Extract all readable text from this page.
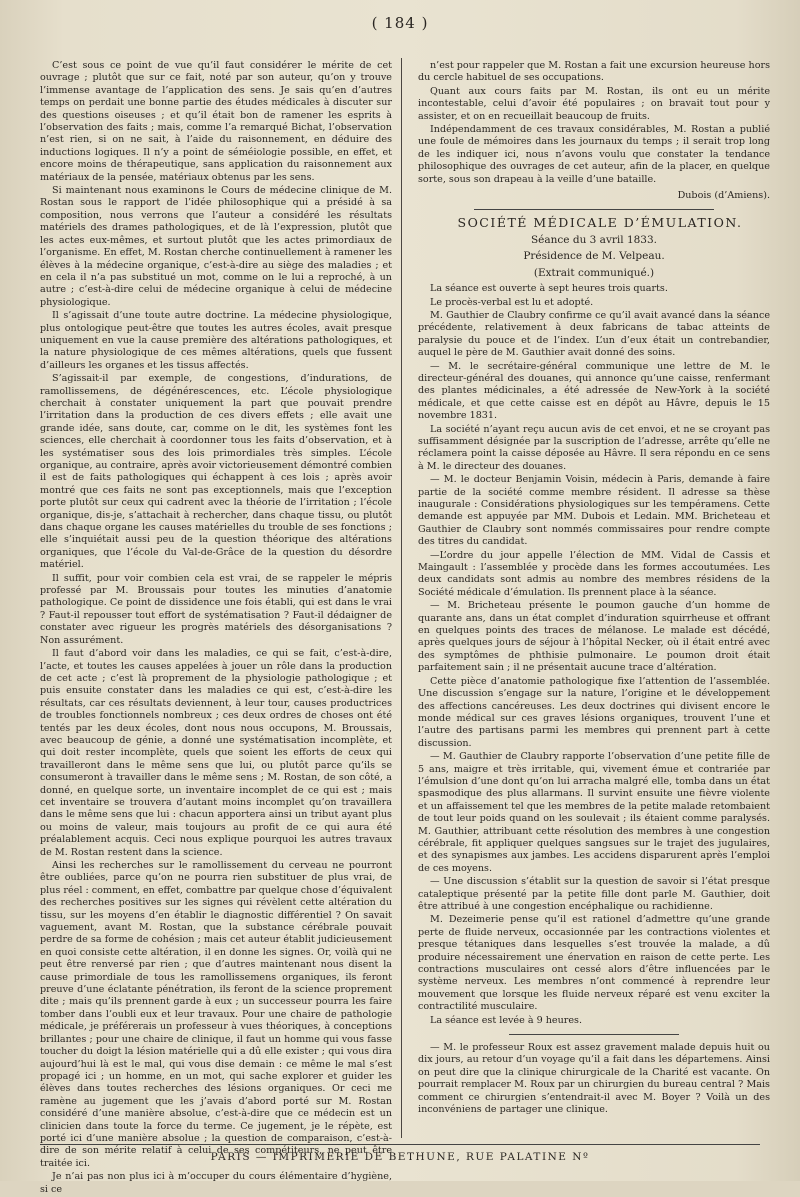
( 184 )

C’est sous ce point de vue qu’il faut considérer le mérite de cet ouvrage ; plutôt que sur ce fait, noté par son auteur, qu’on y trouve l’immense avantage de l’application des sens. Je sais qu’en d’autres temps on perdait une bonne partie des études médicales à discuter sur des questions oiseuses ; et qu’il était bon de ramener les esprits à l’observation des faits ; mais, comme l’a remarqué Bichat, l’observation n’est rien, si on ne sait, à l’aide du raisonnement, en déduire des inductions logiques. Il n’y a point de séméiologie possible, en effet, et encore moins de thérapeutique, sans application du raisonnement aux matériaux de la pensée, matériaux obtenus par les sens.

Si maintenant nous examinons le Cours de médecine clinique de M. Rostan sous le rapport de l’idée philosophique qui a présidé à sa composition, nous verrons que l’auteur a considéré les résultats matériels des drames pathologiques, et de là l’expression, plutôt que les actes eux-mêmes, et surtout plutôt que les actes primordiaux de l’organisme. En effet, M. Rostan cherche continuellement à ramener les élèves à la médecine organique, c’est-à-dire au siège des maladies ; et en cela il n’a pas substitué un mot, comme on le lui a reproché, à un autre ; c’est-à-dire celui de médecine organique à celui de médecine physiologique.

Il s’agissait d’une toute autre doctrine. La médecine physiologique, plus ontologique peut-être que toutes les autres écoles, avait presque uniquement en vue la cause première des altérations pathologiques, et la nature physiologique de ces mêmes altérations, quels que fussent d’ailleurs les organes et les tissus affectés.

S’agissait-il par exemple, de congestions, d’indurations, de ramollissemens, de dégénérescences, etc. L’école physiologique cherchait à constater uniquement la part que pouvait prendre l’irritation dans la production de ces divers effets ; elle avait une grande idée, sans doute, car, comme on le dit, les systèmes font les sciences, elle cherchait à coordonner tous les faits d’observation, et à les systématiser sous des lois primordiales très simples. L’école organique, au contraire, après avoir victorieusement démontré combien il est de faits pathologiques qui échappent à ces lois ; après avoir montré que ces faits ne sont pas exceptionnels, mais que l’exception porte plutôt sur ceux qui cadrent avec la théorie de l’irritation ; l’école organique, dis-je, s’attachait à rechercher, dans chaque tissu, ou plutôt dans chaque organe les causes matérielles du trouble de ses fonctions ; elle s’inquiétait aussi peu de la question théorique des altérations organiques, que l’école du Val-de-Grâce de la question du désordre matériel.

Il suffit, pour voir combien cela est vrai, de se rappeler le mépris professé par M. Broussais pour toutes les minuties d’anatomie pathologique. Ce point de dissidence une fois établi, qui est dans le vrai ? Faut-il repousser tout effort de systématisation ? Faut-il dédaigner de constater avec rigueur les progrès matériels des désorganisations ? Non assurément.

Il faut d’abord voir dans les maladies, ce qui se fait, c’est-à-dire, l’acte, et toutes les causes appelées à jouer un rôle dans la production de cet acte ; c’est là proprement de la physiologie pathologique ; et puis ensuite constater dans les maladies ce qui est, c’est-à-dire les résultats, car ces résultats deviennent, à leur tour, causes productrices de troubles fonctionnels nombreux ; ces deux ordres de choses ont été tentés par les deux écoles, dont nous nous occupons, M. Broussais, avec beaucoup de génie, a donné une systématisation incomplète, et qui doit rester incomplète, quels que soient les efforts de ceux qui travailleront dans le même sens que lui, ou plutôt parce qu’ils se consumeront à travailler dans le même sens ; M. Rostan, de son côté, a donné, en quelque sorte, un inventaire incomplet de ce qui est ; mais cet inventaire se trouvera d’autant moins incomplet qu’on travaillera dans le même sens que lui : chacun apportera ainsi un tribut ayant plus ou moins de valeur, mais toujours au profit de ce qui aura été préalablement acquis. Ceci nous explique pourquoi les autres travaux de M. Rostan restent dans la science.

Ainsi les recherches sur le ramollissement du cerveau ne pourront être oubliées, parce qu’on ne pourra rien substituer de plus vrai, de plus réel : comment, en effet, combattre par quelque chose d’équivalent des recherches positives sur les signes qui révèlent cette altération du tissu, sur les moyens d’en établir le diagnostic différentiel ? On savait vaguement, avant M. Rostan, que la substance cérébrale pouvait perdre de sa forme de cohésion ; mais cet auteur établit judicieusement en quoi consiste cette altération, il en donne les signes. Or, voilà qui ne peut être renversé par rien ; que d’autres maintenant nous disent la cause primordiale de tous les ramollissemens organiques, ils feront preuve d’une éclatante pénétration, ils feront de la science proprement dite ; mais qu’ils prennent garde à eux ; un successeur pourra les faire tomber dans l’oubli eux et leur travaux. Pour une chaire de pathologie médicale, je préférerais un professeur à vues théoriques, à conceptions brillantes ; pour une chaire de clinique, il faut un homme qui vous fasse toucher du doigt la lésion matérielle qui a dû elle exister ; qui vous dira aujourd’hui là est le mal, qui vous dise demain : ce même le mal s’est propagé ici ; un homme, en un mot, qui sache explorer et guider les élèves dans toutes recherches des lésions organiques. Or ceci me ramène au jugement que les j’avais d’abord porté sur M. Rostan considéré d’une manière absolue, c’est-à-dire que ce médecin est un clinicien dans toute la force du terme. Ce jugement, je le répète, est porté ici d’une manière absolue ; la question de comparaison, c’est-à-dire de son mérite relatif à celui de ses compétiteurs, ne peut être traitée ici.

Je n’ai pas non plus ici à m’occuper du cours élémentaire d’hygiène, si ce

n’est pour rappeler que M. Rostan a fait une excursion heureuse hors du cercle habituel de ses occupations.

Quant aux cours faits par M. Rostan, ils ont eu un mérite incontestable, celui d’avoir été populaires ; on bravait tout pour y assister, et on en recueillait beaucoup de fruits.

Indépendamment de ces travaux considérables, M. Rostan a publié une foule de mémoires dans les journaux du temps ; il serait trop long de les indiquer ici, nous n’avons voulu que constater la tendance philosophique des ouvrages de cet auteur, afin de la placer, en quelque sorte, sous son drapeau à la veille d’une bataille.

Dubois (d’Amiens).

SOCIÉTÉ MÉDICALE D’ÉMULATION.

Séance du 3 avril 1833.

Présidence de M. Velpeau.

(Extrait communiqué.)

La séance est ouverte à sept heures trois quarts.

Le procès-verbal est lu et adopté.

M. Gauthier de Claubry confirme ce qu’il avait avancé dans la séance précédente, relativement à deux fabricans de tabac atteints de paralysie du pouce et de l’index. L’un d’eux était un contrebandier, auquel le père de M. Gauthier avait donné des soins.

— M. le secrétaire-général communique une lettre de M. le directeur-général des douanes, qui annonce qu’une caisse, renfermant des plantes médicinales, a été adressée de New-York à la société médicale, et que cette caisse est en dépôt au Hâvre, depuis le 15 novembre 1831.

La société n’ayant reçu aucun avis de cet envoi, et ne se croyant pas suffisamment désignée par la suscription de l’adresse, arrête qu’elle ne réclamera point la caisse déposée au Hâvre. Il sera répondu en ce sens à M. le directeur des douanes.

— M. le docteur Benjamin Voisin, médecin à Paris, demande à faire partie de la société comme membre résident. Il adresse sa thèse inaugurale : Considérations physiologiques sur les tempéramens. Cette demande est appuyée par MM. Dubois et Ledain. MM. Bricheteau et Gauthier de Claubry sont nommés commissaires pour rendre compte des titres du candidat.

—L’ordre du jour appelle l’élection de MM. Vidal de Cassis et Maingault : l’assemblée y procède dans les formes accoutumées. Les deux candidats sont admis au nombre des membres résidens de la Société médicale d’émulation. Ils prennent place à la séance.

— M. Bricheteau présente le poumon gauche d’un homme de quarante ans, dans un état complet d’induration squirrheuse et offrant en quelques points des traces de mélanose. Le malade est décédé, après quelques jours de séjour à l’hôpital Necker, où il était entré avec des symptômes de phthisie pulmonaire. Le poumon droit était parfaitement sain ; il ne présentait aucune trace d’altération.

Cette pièce d’anatomie pathologique fixe l’attention de l’assemblée. Une discussion s’engage sur la nature, l’origine et le développement des affections cancéreuses. Les deux doctrines qui divisent encore le monde médical sur ces graves lésions organiques, trouvent l’une et l’autre des partisans parmi les membres qui prennent part à cette discussion.

— M. Gauthier de Claubry rapporte l’observation d’une petite fille de 5 ans, maigre et très irritable, qui, vivement émue et contrariée par l’émulsion d’une dont qu’on lui arracha malgré elle, tomba dans un état spasmodique des plus allarmans. Il survint ensuite une fièvre violente et un affaissement tel que les membres de la petite malade retombaient de tout leur poids quand on les soulevait ; ils étaient comme paralysés. M. Gauthier, attribuant cette résolution des membres à une congestion cérébrale, fit appliquer quelques sangsues sur le trajet des jugulaires, et des synapismes aux jambes. Les accidens disparurent après l’emploi de ces moyens.

— Une discussion s’établit sur la question de savoir si l’état presque cataleptique présenté par la petite fille dont parle M. Gauthier, doit être attribué à une congestion encéphalique ou rachidienne.

M. Dezeimerie pense qu’il est rationel d’admettre qu’une grande perte de fluide nerveux, occasionnée par les contractions violentes et presque tétaniques dans lesquelles s’est trouvée la malade, a dû produire nécessairement une énervation en raison de cette perte. Les contractions musculaires ont cessé alors d’être influencées par le système nerveux. Les membres n’ont commencé à reprendre leur mouvement que lorsque les fluide nerveux réparé est venu exciter la contractilité musculaire.

La séance est levée à 9 heures.

— M. le professeur Roux est assez gravement malade depuis huit ou dix jours, au retour d’un voyage qu’il a fait dans les départemens. Ainsi on peut dire que la clinique chirurgicale de la Charité est vacante. On pourrait remplacer M. Roux par un chirurgien du bureau central ? Mais comment ce chirurgien s’entendrait-il avec M. Boyer ? Voilà un des inconvéniens de partager une clinique.

PARIS — IMPRIMERIE DE BETHUNE, RUE PALATINE Nº
